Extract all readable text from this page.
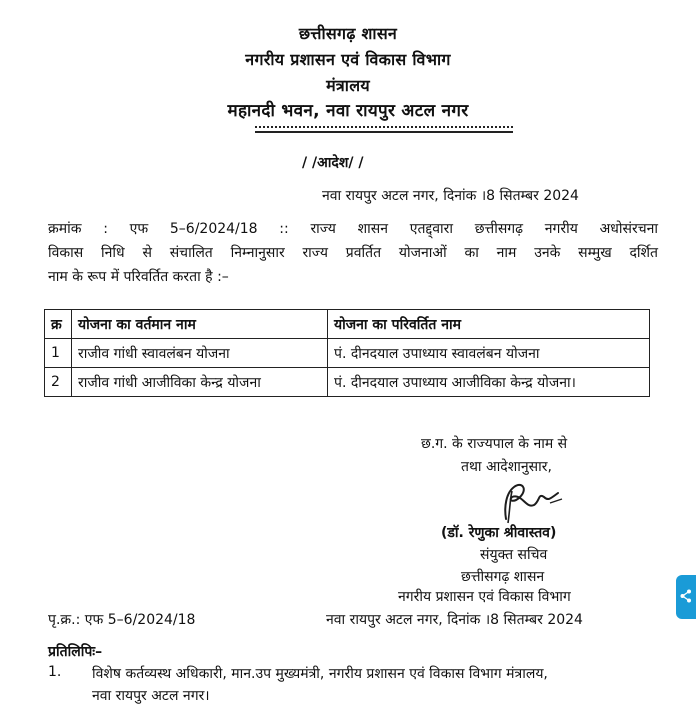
छत्तीसगढ़ शासन
नगरीय प्रशासन एवं विकास विभाग
मंत्रालय
महानदी भवन, नवा रायपुर अटल नगर
/ /आदेश/ /
नवा रायपुर अटल नगर, दिनांक ।8 सितम्बर 2024
क्रमांक : एफ 5–6/2024/18 :: राज्य शासन एतद्द्वारा छत्तीसगढ़ नगरीय अधोसंरचना
विकास निधि से संचालित निम्नानुसार राज्य प्रवर्तित योजनाओं का नाम उनके सम्मुख दर्शित
नाम के रूप में परिवर्तित करता है :–
क्र	योजना का वर्तमान नाम	योजना का परिवर्तित नाम
1	राजीव गांधी स्वावलंबन योजना	पं. दीनदयाल उपाध्याय स्वावलंबन योजना
2	राजीव गांधी आजीविका केन्द्र योजना	पं. दीनदयाल उपाध्याय आजीविका केन्द्र योजना।
छ.ग. के राज्यपाल के नाम से
तथा आदेशानुसार,
(डॉ. रेणुका श्रीवास्तव)
संयुक्त सचिव
छत्तीसगढ़ शासन
नगरीय प्रशासन एवं विकास विभाग
पृ.क्र.: एफ 5–6/2024/18	नवा रायपुर अटल नगर, दिनांक ।8 सितम्बर 2024
प्रतिलिपिः–
1. विशेष कर्तव्यस्थ अधिकारी, मान.उप मुख्यमंत्री, नगरीय प्रशासन एवं विकास विभाग मंत्रालय,
नवा रायपुर अटल नगर।
